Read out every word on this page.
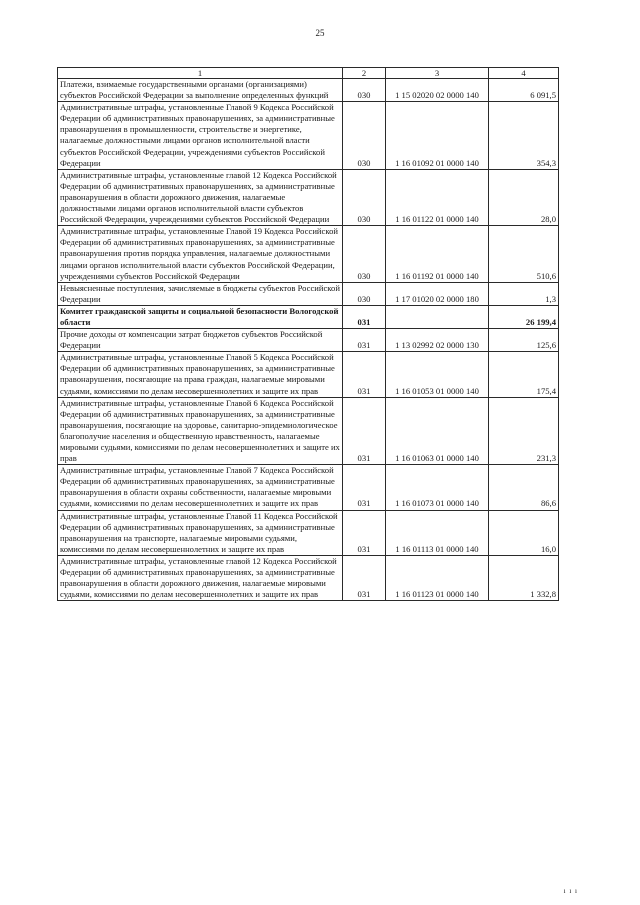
25
1	2	3	4
Платежи, взимаемые государственными органами (организациями) субъектов Российской Федерации за выполнение определенных функций	030	1 15 02020 02 0000 140	6 091,5
Административные штрафы, установленные Главой 9 Кодекса Российской Федерации об административных правонарушениях, за административные правонарушения в промышленности, строительстве и энергетике, налагаемые должностными лицами органов исполнительной власти субъектов Российской Федерации, учреждениями субъектов Российской Федерации	030	1 16 01092 01 0000 140	354,3
Административные штрафы, установленные главой 12 Кодекса Российской Федерации об административных правонарушениях, за административные правонарушения в области дорожного движения, налагаемые должностными лицами органов исполнительной власти субъектов Российской Федерации, учреждениями субъектов Российской Федерации	030	1 16 01122 01 0000 140	28,0
Административные штрафы, установленные Главой 19 Кодекса Российской Федерации об административных правонарушениях, за административные правонарушения против порядка управления, налагаемые должностными лицами органов исполнительной власти субъектов Российской Федерации, учреждениями субъектов Российской Федерации	030	1 16 01192 01 0000 140	510,6
Невыясненные поступления, зачисляемые в бюджеты субъектов Российской Федерации	030	1 17 01020 02 0000 180	1,3
Комитет гражданской защиты и социальной безопасности Вологодской области	031		26 199,4
Прочие доходы от компенсации затрат бюджетов субъектов Российской Федерации	031	1 13 02992 02 0000 130	125,6
Административные штрафы, установленные Главой 5 Кодекса Российской Федерации об административных правонарушениях, за административные правонарушения, посягающие на права граждан, налагаемые мировыми судьями, комиссиями по делам несовершеннолетних и защите их прав	031	1 16 01053 01 0000 140	175,4
Административные штрафы, установленные Главой 6 Кодекса Российской Федерации об административных правонарушениях, за административные правонарушения, посягающие на здоровье, санитарно-эпидемиологическое благополучие населения и общественную нравственность, налагаемые мировыми судьями, комиссиями по делам несовершеннолетних и защите их прав	031	1 16 01063 01 0000 140	231,3
Административные штрафы, установленные Главой 7 Кодекса Российской Федерации об административных правонарушениях, за административные правонарушения в области охраны собственности, налагаемые мировыми судьями, комиссиями по делам несовершеннолетних и защите их прав	031	1 16 01073 01 0000 140	86,6
Административные штрафы, установленные Главой 11 Кодекса Российской Федерации об административных правонарушениях, за административные правонарушения на транспорте, налагаемые мировыми судьями, комиссиями по делам несовершеннолетних и защите их прав	031	1 16 01113 01 0000 140	16,0
Административные штрафы, установленные главой 12 Кодекса Российской Федерации об административных правонарушениях, за административные правонарушения в области дорожного движения, налагаемые мировыми судьями, комиссиями по делам несовершеннолетних и защите их прав	031	1 16 01123 01 0000 140	1 332,8
ı ı ı
